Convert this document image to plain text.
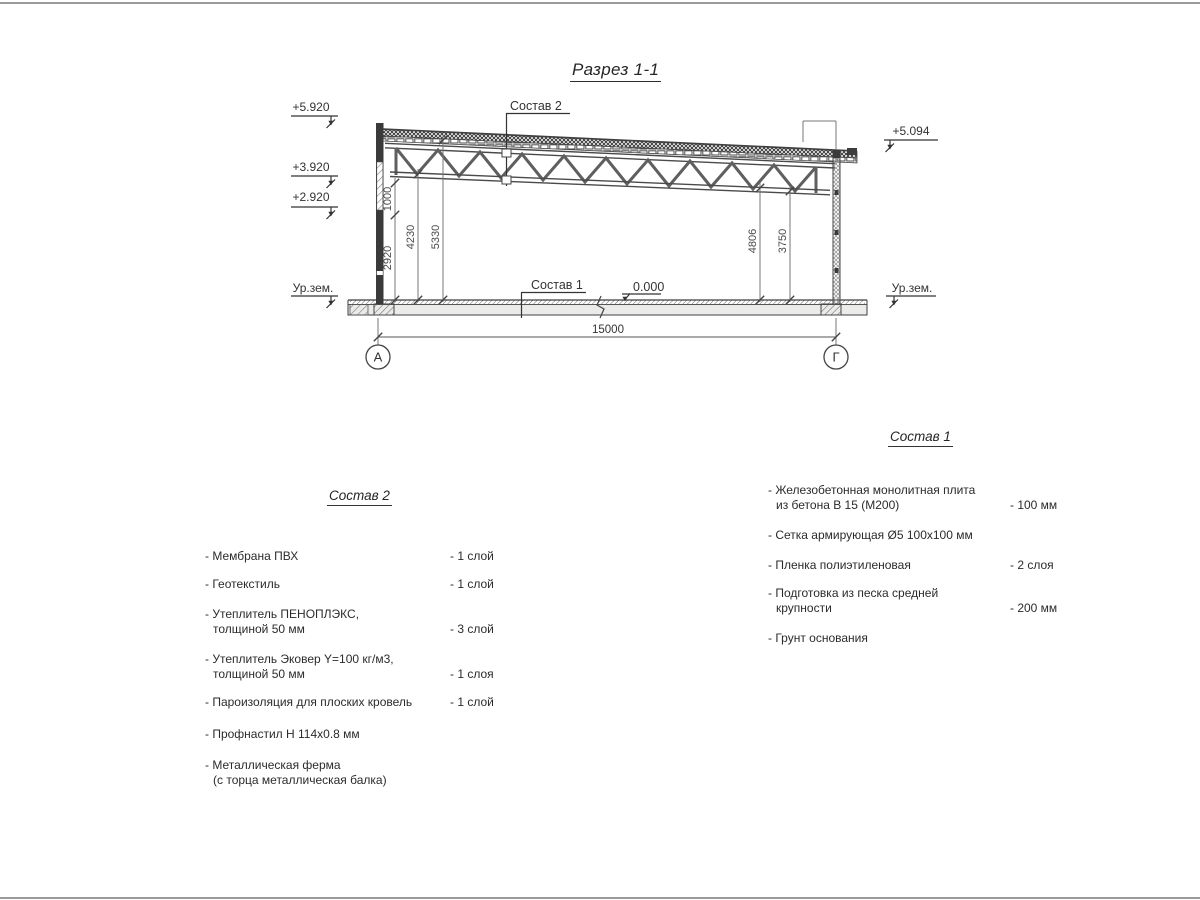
Разрез 1-1
Состав 2
Состав 1	0.000
+5.920
+3.920
+2.920
Ур.зем.
+5.094
Ур.зем.
1000
2920
4230 5330	4806 3750
15000
А	Г
Состав 2
- Мембрана ПВХ	- 1 слой
- Геотекстиль	- 1 слой
- Утеплитель ПЕНОПЛЭКС,
толщиной 50 мм	- 3 слой
- Утеплитель Эковер Y=100 кг/м3,
толщиной 50 мм	- 1 слоя
- Пароизоляция для плоских кровель	- 1 слой
- Профнастил Н 114х0.8 мм
- Металлическая ферма
(с торца металлическая балка)
Состав 1
- Железобетонная монолитная плита
из бетона В 15 (М200)	- 100 мм
- Сетка армирующая Ø5 100х100 мм
- Пленка полиэтиленовая	- 2 слоя
- Подготовка из песка средней
крупности	- 200 мм
- Грунт основания
